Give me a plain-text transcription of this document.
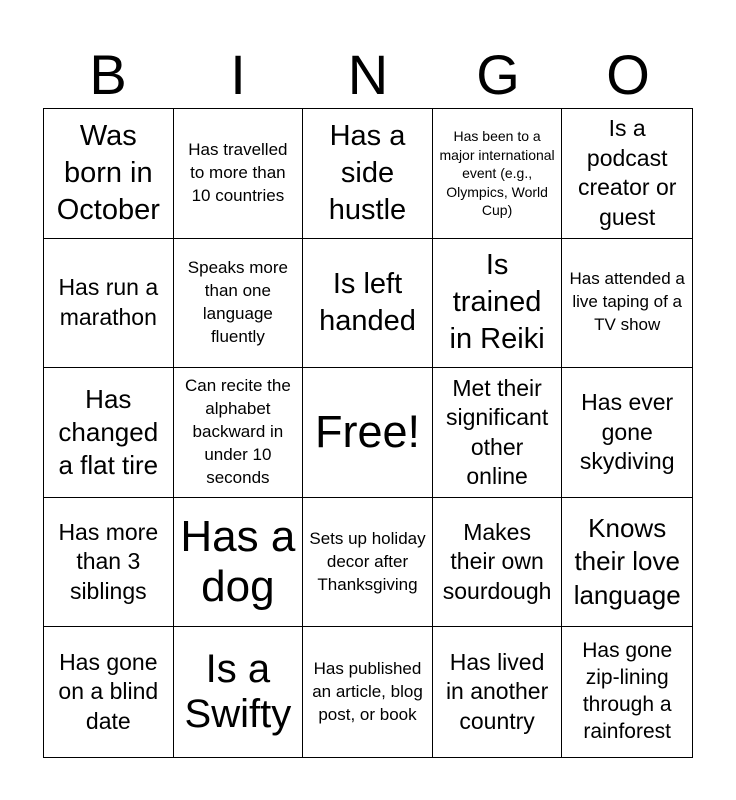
B	I	N	G	O
Was born in October
Has travelled to more than 10 countries
Has a side hustle
Has been to a major international event (e.g., Olympics, World Cup)
Is a podcast creator or guest
Has run a marathon
Speaks more than one language fluently
Is left handed
Is trained in Reiki
Has attended a live taping of a TV show
Has changed a flat tire
Can recite the alphabet backward in under 10 seconds
Free!
Met their significant other online
Has ever gone skydiving
Has more than 3 siblings
Has a dog
Sets up holiday decor after Thanksgiving
Makes their own sourdough
Knows their love language
Has gone on a blind date
Is a Swifty
Has published an article, blog post, or book
Has lived in another country
Has gone zip-lining through a rainforest
